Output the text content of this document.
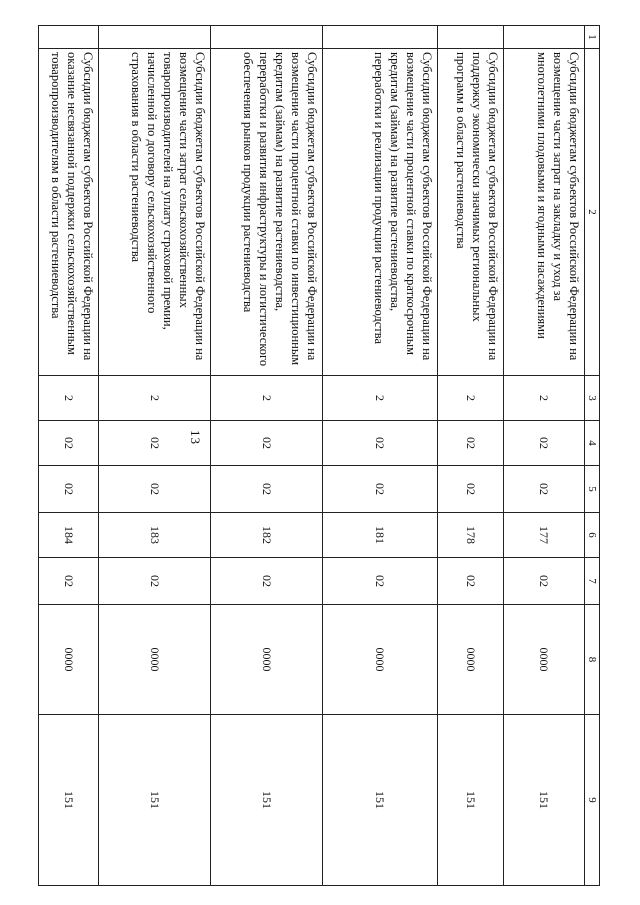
1	2	3	4	5	6	7	8	9
	Субсидии бюджетам субъектов Российской Федерации на возмещение части затрат на закладку и уход за многолетними плодовыми и ягодными насаждениями	2	02	02	177	02	0000	151
	Субсидии бюджетам субъектов Российской Федерации на поддержку экономически значимых региональных программ в области растениеводства	2	02	02	178	02	0000	151
	Субсидии бюджетам субъектов Российской Федерации на возмещение части процентной ставки по краткосрочным кредитам (займам) на развитие растениеводства, переработки и реализации продукции растениеводства	2	02	02	181	02	0000	151
	Субсидии бюджетам субъектов Российской Федерации на возмещение части процентной ставки по инвестиционным кредитам (займам) на развитие растениеводства, переработки и развития инфраструктуры и логистического обеспечения рынков продукции растениеводства	2	02	02	182	02	0000	151
	Субсидии бюджетам субъектов Российской Федерации на возмещение части затрат сельскохозяйственных товаропроизводителей на уплату страховой премии, начисленной по договору сельскохозяйственного страхования в области растениеводства	2	02	02	183	02	0000	151
	Субсидии бюджетам субъектов Российской Федерации на оказание несвязанной поддержки сельскохозяйственным товаропроизводителям в области растениеводства	2	02	02	184	02	0000	151
13
